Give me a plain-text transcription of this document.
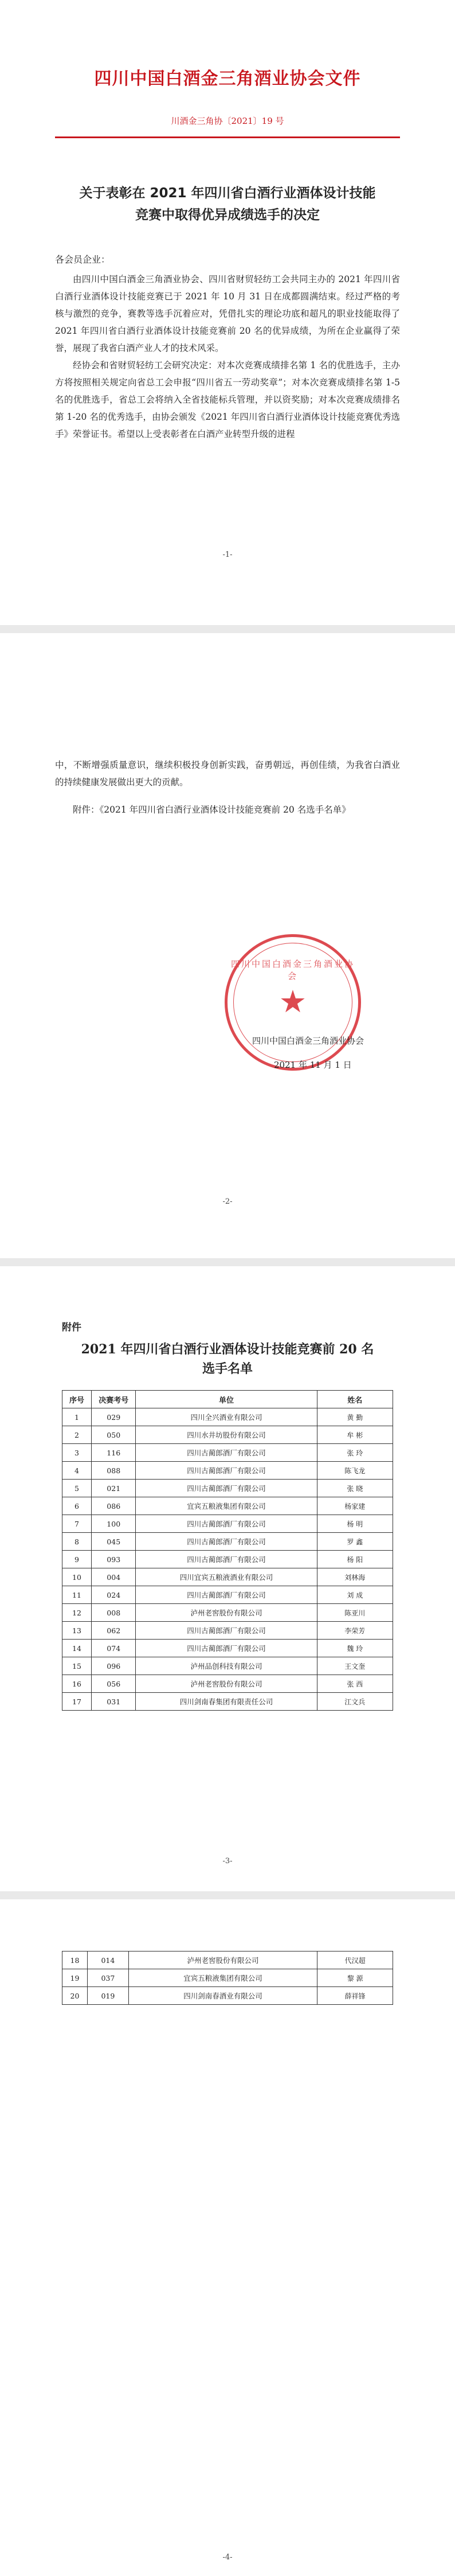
四川中国白酒金三角酒业协会文件
川酒金三角协〔2021〕19 号
关于表彰在 2021 年四川省白酒行业酒体设计技能竞赛中取得优异成绩选手的决定
各会员企业：

由四川中国白酒金三角酒业协会、四川省财贸轻纺工会共同主办的 2021 年四川省白酒行业酒体设计技能竞赛已于 2021 年 10 月 31 日在成都圆满结束。经过严格的考核与激烈的竞争，赛教等选手沉着应对，凭借扎实的理论功底和超凡的职业技能取得了 2021 年四川省白酒行业酒体设计技能竞赛前 20 名的优异成绩，为所在企业赢得了荣誉，展现了我省白酒产业人才的技术风采。

经协会和省财贸轻纺工会研究决定：对本次竞赛成绩排名第 1 名的优胜选手，主办方将按照相关规定向省总工会申报“四川省五一劳动奖章”；对本次竞赛成绩排名第 1-5 名的优胜选手，省总工会将纳入全省技能标兵管理，并以资奖励；对本次竞赛成绩排名第 1-20 名的优秀选手，由协会颁发《2021 年四川省白酒行业酒体设计技能竞赛优秀选手》荣誉证书。希望以上受表彰者在白酒产业转型升级的进程

-1-

中，不断增强质量意识，继续积极投身创新实践，奋勇朝远，再创佳绩，为我省白酒业的持续健康发展做出更大的贡献。

附件：《2021 年四川省白酒行业酒体设计技能竞赛前 20 名选手名单》

四川中国白酒金三角酒业协会
★
四川中国白酒金三角酒业协会
2021 年 11 月 1 日
-2-
附件
2021 年四川省白酒行业酒体设计技能竞赛前 20 名选手名单
序号	决赛考号	单位	姓名
1	029	四川全兴酒业有限公司	黄 勤
2	050	四川水井坊股份有限公司	牟 彬
3	116	四川古蔺郎酒厂有限公司	张 玲
4	088	四川古蔺郎酒厂有限公司	陈飞龙
5	021	四川古蔺郎酒厂有限公司	张 晓
6	086	宜宾五粮液集团有限公司	杨家建
7	100	四川古蔺郎酒厂有限公司	杨 明
8	045	四川古蔺郎酒厂有限公司	罗 鑫
9	093	四川古蔺郎酒厂有限公司	杨 阳
10	004	四川宜宾五粮液酒业有限公司	刘林海
11	024	四川古蔺郎酒厂有限公司	刘 成
12	008	泸州老窖股份有限公司	陈亚川
13	062	四川古蔺郎酒厂有限公司	李荣芳
14	074	四川古蔺郎酒厂有限公司	魏 玲
15	096	泸州品创科技有限公司	王文奎
16	056	泸州老窖股份有限公司	张 西
17	031	四川剑南春集团有限责任公司	江文兵
-3-
18	014	泸州老窖股份有限公司	代汉超
19	037	宜宾五粮液集团有限公司	黎 源
20	019	四川剑南春酒业有限公司	薛祥锋
-4-
